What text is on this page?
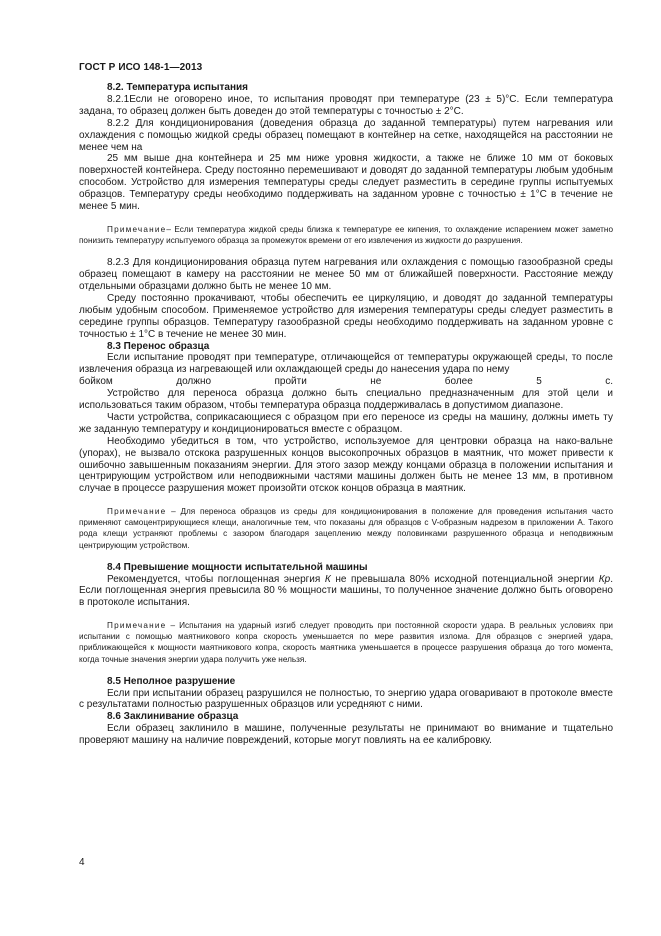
ГОСТ Р ИСО 148-1—2013

8.2. Температура испытания

8.2.1Если не оговорено иное, то испытания проводят при температуре (23 ± 5)°С. Если температура задана, то образец должен быть доведен до этой температуры с точностью ± 2°С.

8.2.2 Для кондиционирования (доведения образца до заданной температуры) путем нагревания или охлаждения с помощью жидкой среды образец помещают в контейнер на сетке, находящейся на расстоянии не менее чем на

25 мм выше дна контейнера и 25 мм ниже уровня жидкости, а также не ближе 10 мм от боковых поверхностей контейнера. Среду постоянно перемешивают и доводят до заданной температуры любым удобным способом. Устройство для измерения температуры среды следует разместить в середине группы испытуемых образцов. Температуру среды необходимо поддерживать на заданном уровне с точностью ± 1°С в течение не менее 5 мин.

Примечание– Если температура жидкой среды близка к температуре ее кипения, то охлаждение испарением может заметно понизить температуру испытуемого образца за промежуток времени от его извлечения из жидкости до разрушения.

8.2.3 Для кондиционирования образца путем нагревания или охлаждения с помощью газообразной среды образец помещают в камеру на расстоянии не менее 50 мм от ближайшей поверхности. Расстояние между отдельными образцами должно быть не менее 10 мм.

Среду постоянно прокачивают, чтобы обеспечить ее циркуляцию, и доводят до заданной температуры любым удобным способом. Применяемое устройство для измерения температуры среды следует разместить в середине группы образцов. Температуру газообразной среды необходимо поддерживать на заданном уровне с точностью ± 1°С в течение не менее 30 мин.

8.3 Перенос образца

Если испытание проводят при температуре, отличающейся от температуры окружающей среды, то после извлечения образца из нагревающей или охлаждающей среды до нанесения удара по нему

бойком	должно	пройти	не	более	5	с.

Устройство для переноса образца должно быть специально предназначенным для этой цели и использоваться таким образом, чтобы температура образца поддерживалась в допустимом диапазоне.

Части устройства, соприкасающиеся с образцом при его переносе из среды на машину, должны иметь ту же заданную температуру и кондиционироваться вместе с образцом.

Необходимо убедиться в том, что устройство, используемое для центровки образца на нако-вальне (упорах), не вызвало отскока разрушенных концов высокопрочных образцов в маятник, что может привести к ошибочно завышенным показаниям энергии. Для этого зазор между концами образца в положении испытания и центрирующим устройством или неподвижными частями машины должен быть не менее 13 мм, в противном случае в процессе разрушения может произойти отскок концов образца в маятник.

Примечание – Для переноса образцов из среды для кондиционирования в положение для проведения испытания часто применяют самоцентрирующиеся клещи, аналогичные тем, что показаны для образцов с V-образным надрезом в приложении А. Такого рода клещи устраняют проблемы с зазором благодаря зацеплению между половинками разрушенного образца и неподвижным центрирующим устройством.

8.4 Превышение мощности испытательной машины

Рекомендуется, чтобы поглощенная энергия К не превышала 80% исходной потенциальной энергии Кр. Если поглощенная энергия превысила 80 % мощности машины, то полученное значение должно быть оговорено в протоколе испытания.

Примечание – Испытания на ударный изгиб следует проводить при постоянной скорости удара. В реальных условиях при испытании с помощью маятникового копра скорость уменьшается по мере развития излома. Для образцов с энергией удара, приближающейся к мощности маятникового копра, скорость маятника уменьшается в процессе разрушения образца до того момента, когда точные значения энергии удара получить уже нельзя.

8.5 Неполное разрушение

Если при испытании образец разрушился не полностью, то энергию удара оговаривают в протоколе вместе с результатами полностью разрушенных образцов или усредняют с ними.

8.6 Заклинивание образца

Если образец заклинило в машине, полученные результаты не принимают во внимание и тщательно проверяют машину на наличие повреждений, которые могут повлиять на ее калибровку.

4
